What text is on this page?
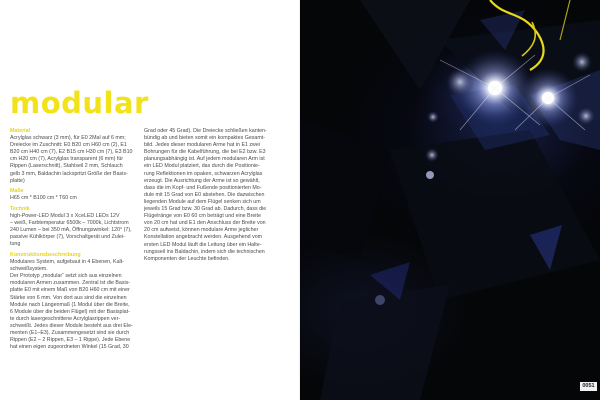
modular

Material

Acrylglas schwarz (3 mm), für E0 2Mal auf 6 mm;
Dreiecke im Zuschnitt: E0 B20 cm H60 cm (2), E1
B20 cm H40 cm (7), E2 B15 cm H30 cm (7), E3 B10
cm H20 cm (7), Acrylglas transparent (6 mm) für
Rippen (Laserschnitt), Stahlseil 2 mm, Schlauch
gelb 3 mm, Baldachin lackspritzt Größe der Basis-
platte)

Maße

H65 cm * B100 cm * T60 cm

Technik

high-Power-LED Modul 3 x XceLED LEDs 12V
– weiß, Farbtemperatur 6500k – 7000k, Lichtstrom
240 Lumen – bei 350 mA, Öffnungswinkel: 120° (7),
passive Kühlkörper (7), Vorschaltgerät und Zulei-
tung

Konstruktionsbeschreibung

Modulares System, aufgebaut in 4 Ebenen, Kalt-
schweißsystem.
Der Prototyp „modular“ setzt sich aus einzelnen
modularen Armen zusammen. Zentral ist die Basis-
platte E0 mit einem Maß von B20 H60 cm mit einer
Stärke von 6 mm. Von dort aus sind die einzelnen
Module nach Längenmaß (1 Modul über die Breite,
6 Module über die beiden Flügel) mit der Basisplat-
te durch lasergeschnittene Acrylglasrippen ver-
schweißt. Jedes dieser Module besteht aus drei Ele-
menten (E1–E3). Zusammengesetzt sind sie durch
Rippen (E2 – 2 Rippen, E3 – 1 Rippe). Jede Ebene
hat einen eigen zugeordneten Winkel (15 Grad, 30

Grad oder 45 Grad). Die Dreiecke schließen kanten-
bündig ab und bieten somit ein kompaktes Gesamt-
bild. Jedes dieser modularen Arme hat in E1 zwei
Bohrungen für die Kabelführung, die bei E2 bzw. E3
planungsabhängig ist. Auf jedem modularen Arm ist
ein LED Modul platziert, das durch die Positionie-
rung Reflektionen im opaken, schwarzen Acrylglas
erzeugt. Die Ausrichtung der Arme ist so gewählt,
dass die im Kopf- und Fußende positionierten Mo-
dule mit 15 Grad von E0 abstehen. Die dazwischen
liegenden Module auf dem Flügel senken sich um
jeweils 15 Grad bzw. 30 Grad ab. Dadurch, dass die
Flügelränge von E0 60 cm beträgt und eine Breite
von 20 cm hat und E1 den Anschluss der Breite von
20 cm aufweist, können modulare Arme jeglicher
Konstellation angebracht werden. Ausgehend vom
ersten LED Modul läuft die Leitung über ein Halte-
rungsseil ins Baldachin, indem sich die technischen
Komponenten der Leuchte befinden.

0051
